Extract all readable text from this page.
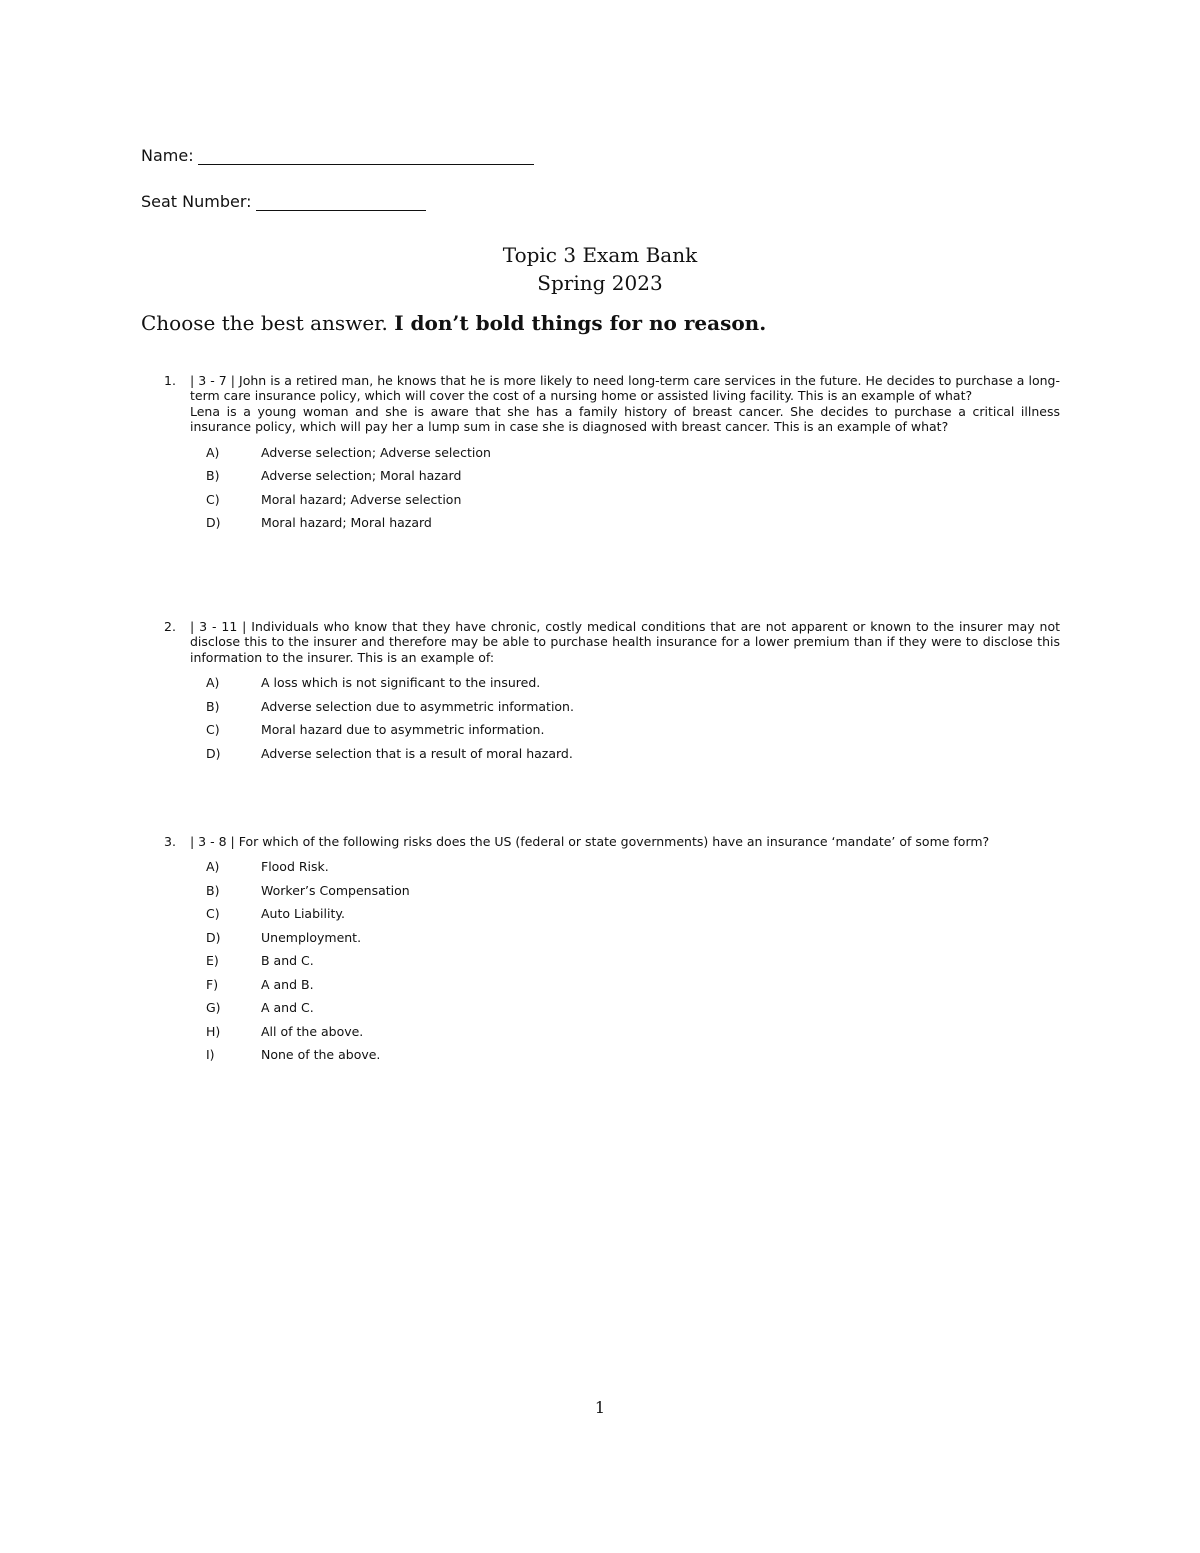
Name:
Seat Number:
Topic 3 Exam Bank
Spring 2023
Choose the best answer. I don’t bold things for no reason.
1. | 3 - 7 | John is a retired man, he knows that he is more likely to need long-term care services in the future. He decides to purchase a long-term care insurance policy, which will cover the cost of a nursing home or assisted living facility. This is an example of what?

Lena is a young woman and she is aware that she has a family history of breast cancer. She decides to purchase a critical illness insurance policy, which will pay her a lump sum in case she is diagnosed with breast cancer. This is an example of what?

A)	Adverse selection; Adverse selection
B)	Adverse selection; Moral hazard
C)	Moral hazard; Adverse selection
D)	Moral hazard; Moral hazard
2. | 3 - 11 | Individuals who know that they have chronic, costly medical conditions that are not apparent or known to the insurer may not disclose this to the insurer and therefore may be able to purchase health insurance for a lower premium than if they were to disclose this information to the insurer. This is an example of:

A)	A loss which is not significant to the insured.
B)	Adverse selection due to asymmetric information.
C)	Moral hazard due to asymmetric information.
D)	Adverse selection that is a result of moral hazard.
3. | 3 - 8 | For which of the following risks does the US (federal or state governments) have an insurance ‘mandate’ of some form?

A)	Flood Risk.
B)	Worker’s Compensation
C)	Auto Liability.
D)	Unemployment.
E)	B and C.
F)	A and B.
G)	A and C.
H)	All of the above.
I)	None of the above.
1
